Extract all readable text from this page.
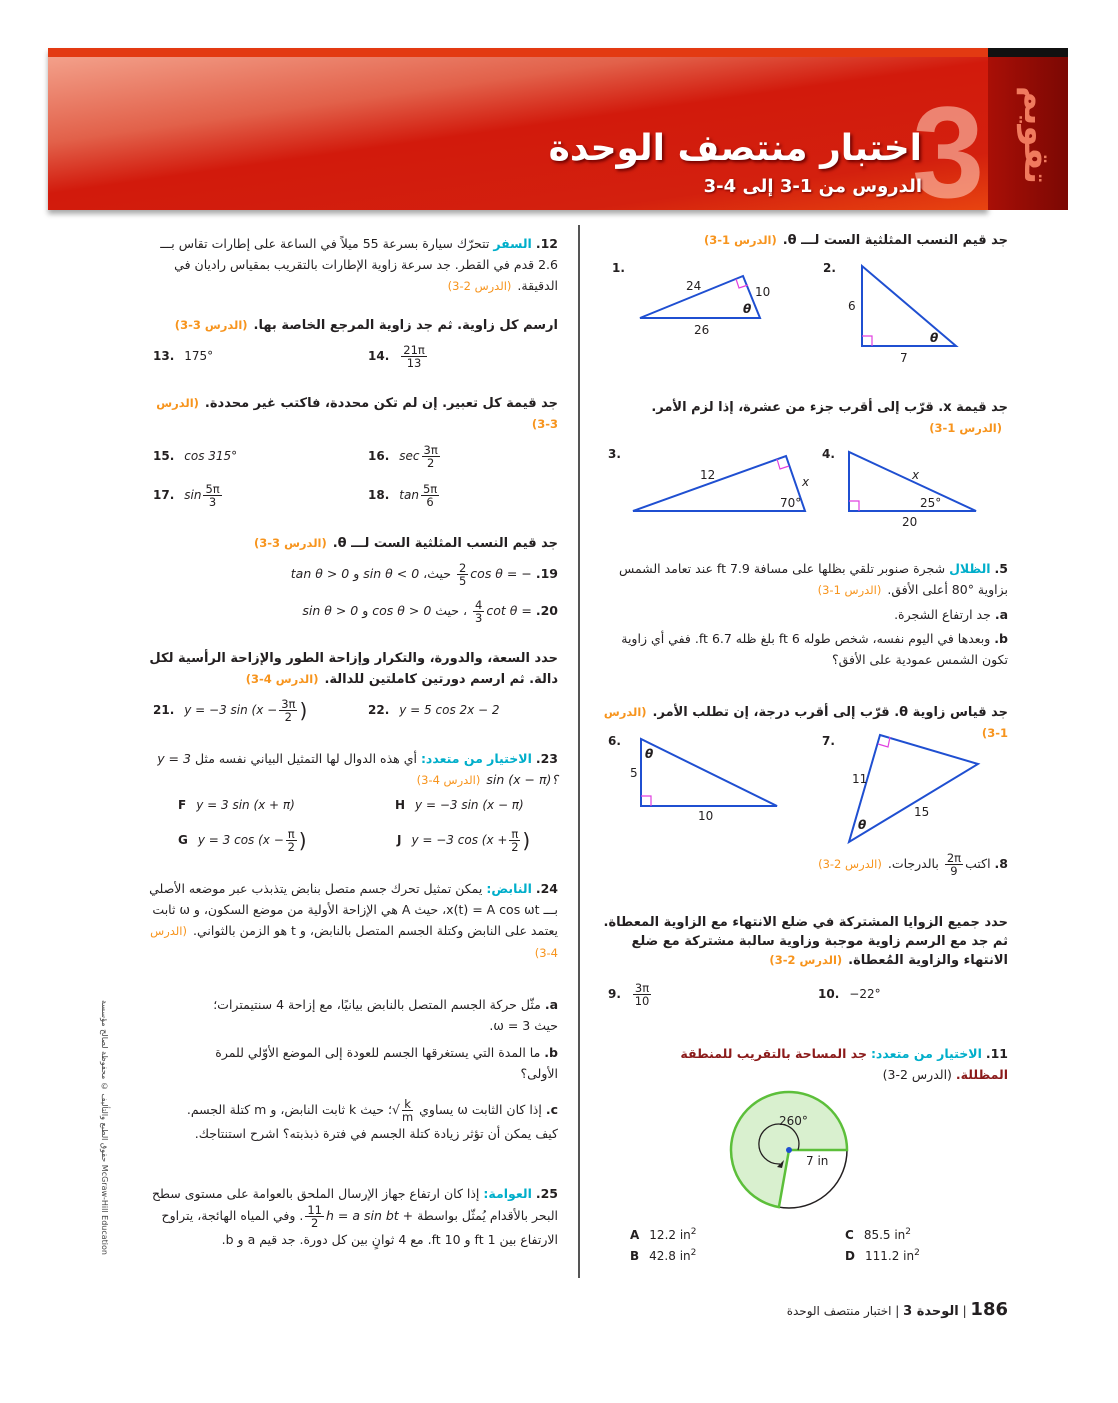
تقويم
3
اختبار منتصف الوحدة
الدروس من 1-3 إلى 4-3
جد قيم النسب المثلثية الست لـــ θ.(الدرس 1-3)
1.
24	10
26
θ
2.
6
7
θ
3.
12	x
70°
4.
x
20
25°
6.
5
10
θ
7.
11
15
θ
260°
7 in
جد قيمة x. قرّب إلى أقرب جزء من عشرة، إذا لزم الأمر.
(الدرس 1-3)
5. الظلال شجرة صنوبر تلقي بظلها على مسافة 7.9 ft عند تعامد الشمس بزاوية °80 أعلى الأفق.(الدرس 1-3)
a. جد ارتفاع الشجرة.
b. وبعدها في اليوم نفسه، شخص طوله 6 ft بلغ ظله 6.7 ft. ففي أي زاوية تكون الشمس عمودية على الأفق؟
جد قياس زاوية θ. قرّب إلى أقرب درجة، إن تطلب الأمر.(الدرس 1-3)
8. اكتب
$\frac{2\pi}{9}$
بالدرجات.(الدرس 2-3)
حدد جميع الزوايا المشتركة في ضلع الانتهاء مع الزاوية المعطاة. ثم جد مع الرسم زاوية موجبة وزاوية سالبة مشتركة مع ضلع الانتهاء والزاوية المُعطاة.(الدرس 2-3)
9. $\frac{3\pi}{10}$	10. −22°
11. الاختيار من متعدد: جد المساحة بالتقريب للمنطقة المظللة. (الدرس 2-3)
A 12.2 $in^2$
B 42.8 $in^2$
C 85.5 $in^2$
D 111.2 $in^2$
12. السفر تتحرّك سيارة بسرعة 55 ميلاً في الساعة على إطارات تقاس بـــ 2.6 قدم في القطر. جد سرعة زاوية الإطارات بالتقريب بمقياس راديان في الدقيقة.(الدرس 2-3)
ارسم كل زاوية. ثم جد زاوية المرجع الخاصة بها.(الدرس 3-3)
13. 175°	14. $\frac{21\pi}{13}$
جد قيمة كل تعبير. إن لم تكن محددة، فاكتب غير محددة.(الدرس 3-3)
15. cos 315°	16. $\sec \frac{3\pi}{2}$
17. $\sin \frac{5\pi}{3}$	18. $\tan \frac{5\pi}{6}$
جد قيم النسب المثلثية الست لـــ θ.(الدرس 3-3)
19. cos θ = −
$\frac{2}{5}$
حيث، sin θ < 0 و tan θ > 0
20. cot θ =
$\frac{4}{3}$
، حيث cos θ > 0 و sin θ > 0
حدد السعة، والدورة، والتكرار وإزاحة الطور والإزاحة الرأسية لكل دالة. ثم ارسم دورتين كاملتين للدالة.(الدرس 4-3)
21. y = −3 $\sin (x - \frac{3\pi}{2}$ )	22. y = 5 cos 2x − 2
23. الاختيار من متعدد: أي هذه الدوال لها التمثيل البياني نفسه مثل y = 3 sin (x − π)؟(الدرس 4-3)
F y = 3 sin (x + π)	H y = −3 sin (x − π)
G y = 3 $\cos (x - \frac{\pi}{2}$ )	J y = −3 $\cos (x + \frac{\pi}{2}$ )
24. النابض: يمكن تمثيل تحرك جسم متصل بنابض يتذبذب عبر موضعه الأصلي بـــ x(t) = A cos ωt، حيث A هي الإزاحة الأولية من موضع السكون، و ω ثابت يعتمد على النابض وكتلة الجسم المتصل بالنابض، و t هو الزمن بالثواني.(الدرس 4-3)
a. مثّل حركة الجسم المتصل بالنابض بيانيًا، مع إزاحة 4 سنتيمترات؛ حيث ω = 3.
b. ما المدة التي يستغرقها الجسم للعودة إلى الموضع الأوّلي للمرة الأولى؟
c. إذا كان الثابت ω يساوي √ $\frac{k}{m}$
؛ حيث k ثابت النابض، و m كتلة الجسم. كيف يمكن أن تؤثر زيادة كتلة الجسم في فترة ذبذبته؟ اشرح استنتاجك.
25. العوامة: إذا كان ارتفاع جهاز الإرسال الملحق بالعوامة على مستوى سطح البحر بالأقدام يُمثّل بواسطة h = a sin bt +
$\frac{11}{2}$
. وفي المياه الهائجة، يتراوح الارتفاع بين 1 ft و 10 ft. مع 4 ثوانٍ بين كل دورة. جد قيم a و b.
186 | الوحدة 3 | اختبار منتصف الوحدة
حقوق الطبع والتأليف © محفوظة لصالح مؤسسة McGraw-Hill Education
